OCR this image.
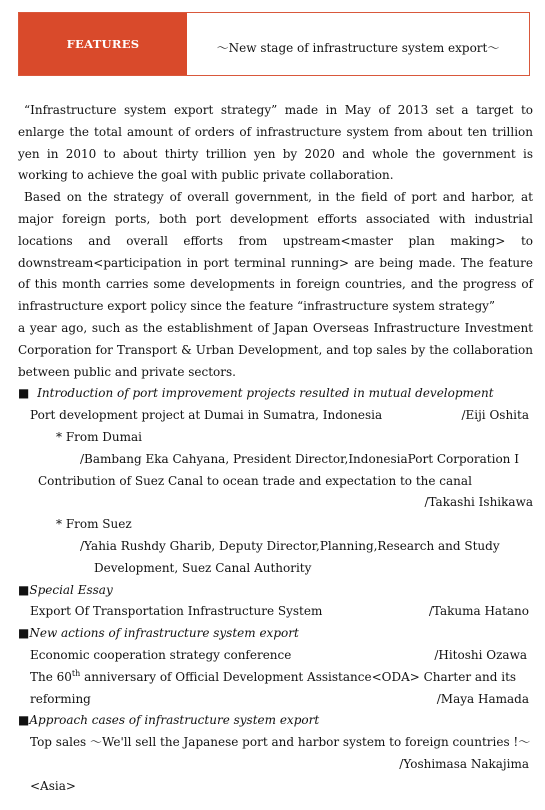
FEATURES	～New stage of infrastructure system export～

“Infrastructure system export strategy” made in May of 2013 set a target to enlarge the total amount of orders of infrastructure system from about ten trillion yen in 2010 to about thirty trillion yen by 2020 and whole the government is working to achieve the goal with public private collaboration.

Based on the strategy of overall government, in the field of port and harbor, at major foreign ports, both port development efforts associated with industrial locations and overall efforts from upstream<master plan making> to downstream<participation in port terminal running> are being made. The feature of this month carries some developments in foreign countries, and the progress of infrastructure export policy since the feature “infrastructure system strategy”

a year ago, such as the establishment of Japan Overseas Infrastructure Investment Corporation for Transport & Urban Development, and top sales by the collaboration between public and private sectors.

■ Introduction of port improvement projects resulted in mutual development
Port development project at Dumai in Sumatra, Indonesia	/Eiji Oshita
* From Dumai
/Bambang Eka Cahyana, President Director,IndonesiaPort Corporation I
Contribution of Suez Canal to ocean trade and expectation to the canal
/Takashi Ishikawa
* From Suez
/Yahia Rushdy Gharib, Deputy Director,Planning,Research and Study
Development, Suez Canal Authority
■Special Essay
Export Of Transportation Infrastructure System	/Takuma Hatano
■New actions of infrastructure system export
Economic cooperation strategy conference	/Hitoshi Ozawa
The 60th anniversary of Official Development Assistance<ODA> Charter and its
reforming	/Maya Hamada
■Approach cases of infrastructure system export
Top sales ～We'll sell the Japanese port and harbor system to foreign countries !～
/Yoshimasa Nakajima
<Asia>
